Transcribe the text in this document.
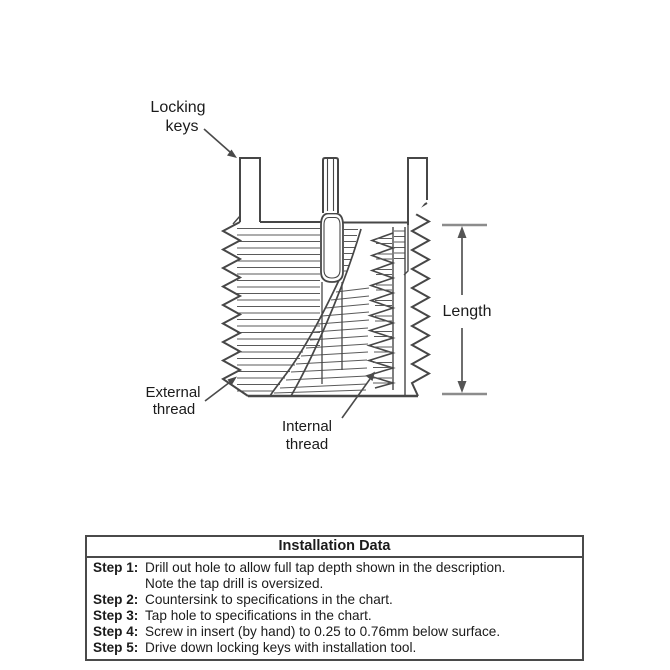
Locking
keys
Length
External
thread
Internal
thread
Installation Data
Step 1: Drill out hole to allow full tap depth shown in the description.
Note the tap drill is oversized.
Step 2: Countersink to specifications in the chart.
Step 3: Tap hole to specifications in the chart.
Step 4: Screw in insert (by hand) to 0.25 to 0.76mm below surface.
Step 5: Drive down locking keys with installation tool.
